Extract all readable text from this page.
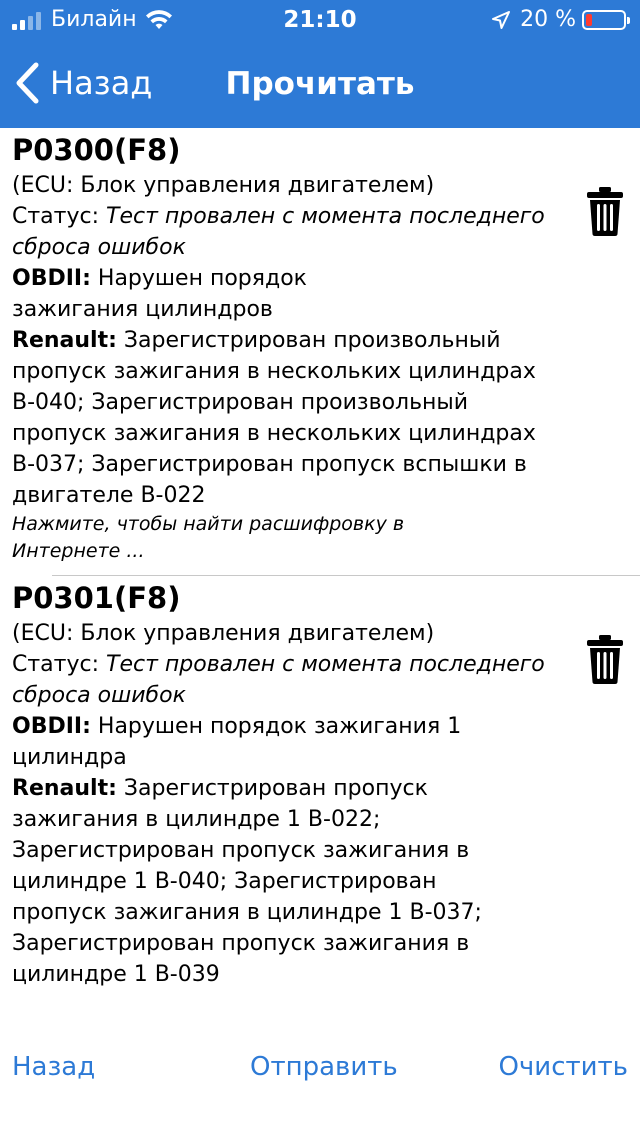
Билайн	21:10	20 %
Назад	Прочитать
P0300(F8)
(ECU: Блок управления двигателем)
Статус: Тест провален с момента последнего сброса ошибок
OBDII: Нарушен порядок зажигания цилиндров
Renault: Зарегистрирован произвольный пропуск зажигания в нескольких цилиндрах B-040; Зарегистрирован произвольный пропуск зажигания в нескольких цилиндрах B-037; Зарегистрирован пропуск вспышки в двигателе B-022
Нажмите, чтобы найти расшифровку в Интернете ...
P0301(F8)
(ECU: Блок управления двигателем)
Статус: Тест провален с момента последнего сброса ошибок
OBDII: Нарушен порядок зажигания 1 цилиндра
Renault: Зарегистрирован пропуск зажигания в цилиндре 1 B-022; Зарегистрирован пропуск зажигания в цилиндре 1 B-040; Зарегистрирован пропуск зажигания в цилиндре 1 B-037; Зарегистрирован пропуск зажигания в цилиндре 1 B-039
Назад	Отправить	Очистить
